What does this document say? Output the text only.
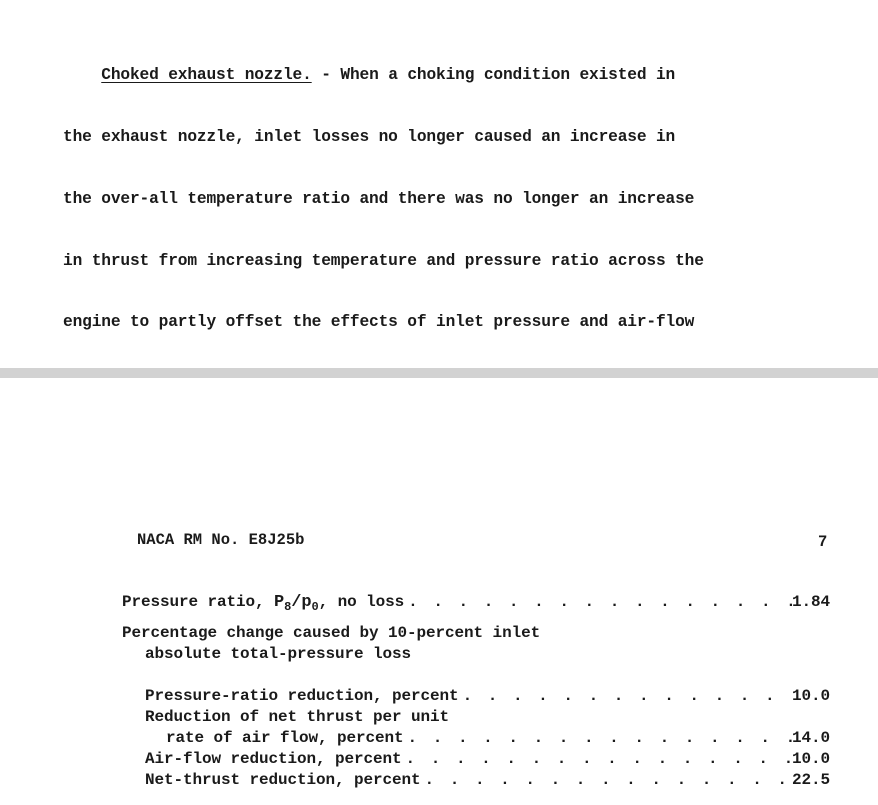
Choked exhaust nozzle. - When a choking condition existed in

the exhaust nozzle, inlet losses no longer caused an increase in

the over-all temperature ratio and there was no longer an increase

in thrust from increasing temperature and pressure ratio across the

engine to partly offset the effects of inlet pressure and air-flow

NACA RM No. E8J25b	7
Pressure ratio, $P_8/p_0$, no loss . . .	1.84
Percentage change caused by 10-percent inlet
absolute total-pressure loss
Pressure-ratio reduction, percent . . .	10.0
Reduction of net thrust per unit
rate of air flow, percent . . .	14.0
Air-flow reduction, percent . . .	10.0
Net-thrust reduction, percent . . .	22.5
